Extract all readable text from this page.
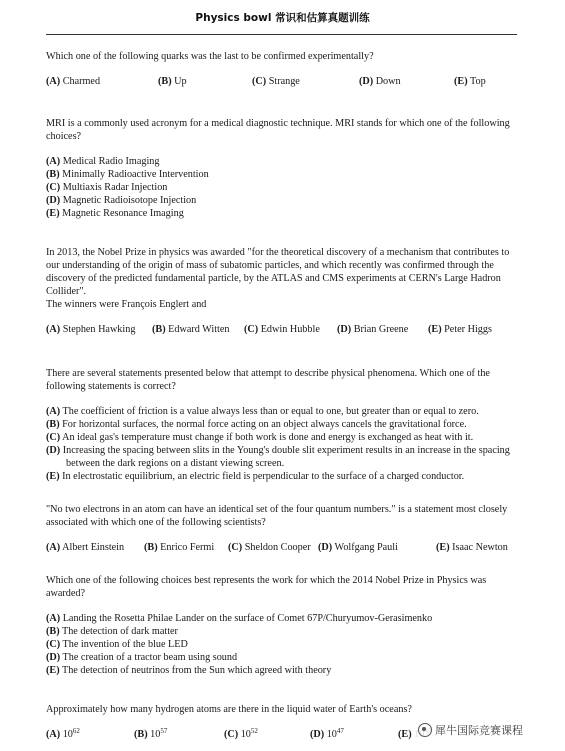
Physics bowl 常识和估算真题训练

Which one of the following quarks was the last to be confirmed experimentally?

(A) Charmed	(B) Up	(C) Strange	(D) Down	(E) Top

MRI is a commonly used acronym for a medical diagnostic technique. MRI stands for which one of the following choices?

(A) Medical Radio Imaging
(B) Minimally Radioactive Intervention
(C) Multiaxis Radar Injection
(D) Magnetic Radioisotope Injection
(E) Magnetic Resonance Imaging

In 2013, the Nobel Prize in physics was awarded "for the theoretical discovery of a mechanism that contributes to our understanding of the origin of mass of subatomic particles, and which recently was confirmed through the discovery of the predicted fundamental particle, by the ATLAS and CMS experiments at CERN's Large Hadron Collider".

The winners were François Englert and

(A) Stephen Hawking (B) Edward Witten (C) Edwin Hubble (D) Brian Greene (E) Peter Higgs

There are several statements presented below that attempt to describe physical phenomena. Which one of the following statements is correct?

(A) The coefficient of friction is a value always less than or equal to one, but greater than or equal to zero.
(B) For horizontal surfaces, the normal force acting on an object always cancels the gravitational force.
(C) An ideal gas's temperature must change if both work is done and energy is exchanged as heat with it.
(D) Increasing the spacing between slits in the Young's double slit experiment results in an increase in the spacing between the dark regions on a distant viewing screen.
(E) In electrostatic equilibrium, an electric field is perpendicular to the surface of a charged conductor.

"No two electrons in an atom can have an identical set of the four quantum numbers." is a statement most closely associated with which one of the following scientists?

(A) Albert Einstein (B) Enrico Fermi (C) Sheldon Cooper (D) Wolfgang Pauli	(E) Isaac Newton

Which one of the following choices best represents the work for which the 2014 Nobel Prize in Physics was awarded?

(A) Landing the Rosetta Philae Lander on the surface of Comet 67P/Churyumov-Gerasimenko
(B) The detection of dark matter
(C) The invention of the blue LED
(D) The creation of a tractor beam using sound
(E) The detection of neutrinos from the Sun which agreed with theory

Approximately how many hydrogen atoms are there in the liquid water of Earth's oceans?

(A) $10^{62}$	(B) $10^{57}$	(C) $10^{52}$	(D) $10^{47}$	(E)	犀牛国际竞赛课程
